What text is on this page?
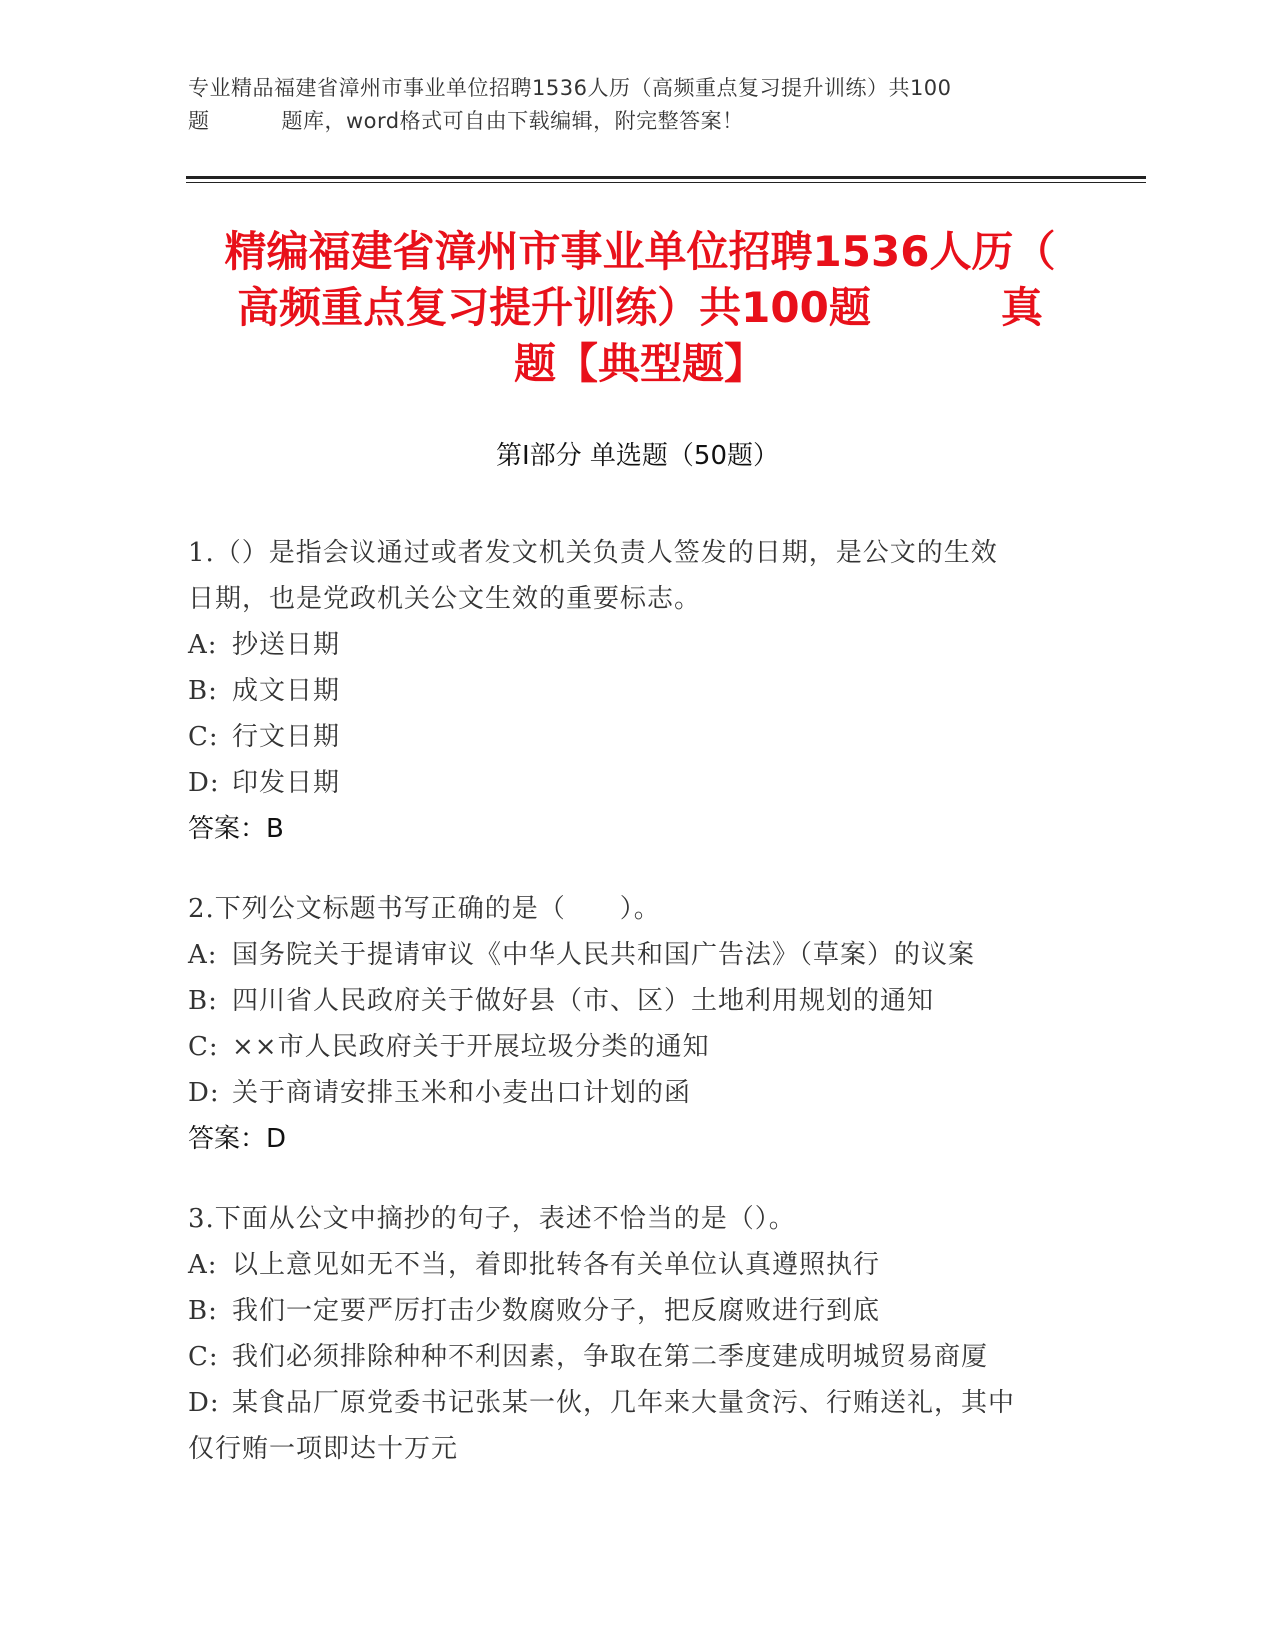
专业精品福建省漳州市事业单位招聘1536人历（高频重点复习提升训练）共100
题	题库，word格式可自由下载编辑，附完整答案！
精编福建省漳州市事业单位招聘1536人历（
高频重点复习提升训练）共100题	真
题【典型题】
第Ⅰ部分 单选题（50题）
1.（）是指会议通过或者发文机关负责人签发的日期，是公文的生效
日期，也是党政机关公文生效的重要标志。
A: 抄送日期
B: 成文日期
C: 行文日期
D: 印发日期
答案：B
2.下列公文标题书写正确的是（　　）。
A: 国务院关于提请审议《中华人民共和国广告法》（草案）的议案
B: 四川省人民政府关于做好县（市、区）土地利用规划的通知
C: ××市人民政府关于开展垃圾分类的通知
D: 关于商请安排玉米和小麦出口计划的函
答案：D
3.下面从公文中摘抄的句子，表述不恰当的是（）。
A: 以上意见如无不当，着即批转各有关单位认真遵照执行
B: 我们一定要严厉打击少数腐败分子，把反腐败进行到底
C: 我们必须排除种种不利因素，争取在第二季度建成明城贸易商厦
D: 某食品厂原党委书记张某一伙，几年来大量贪污、行贿送礼，其中
仅行贿一项即达十万元
